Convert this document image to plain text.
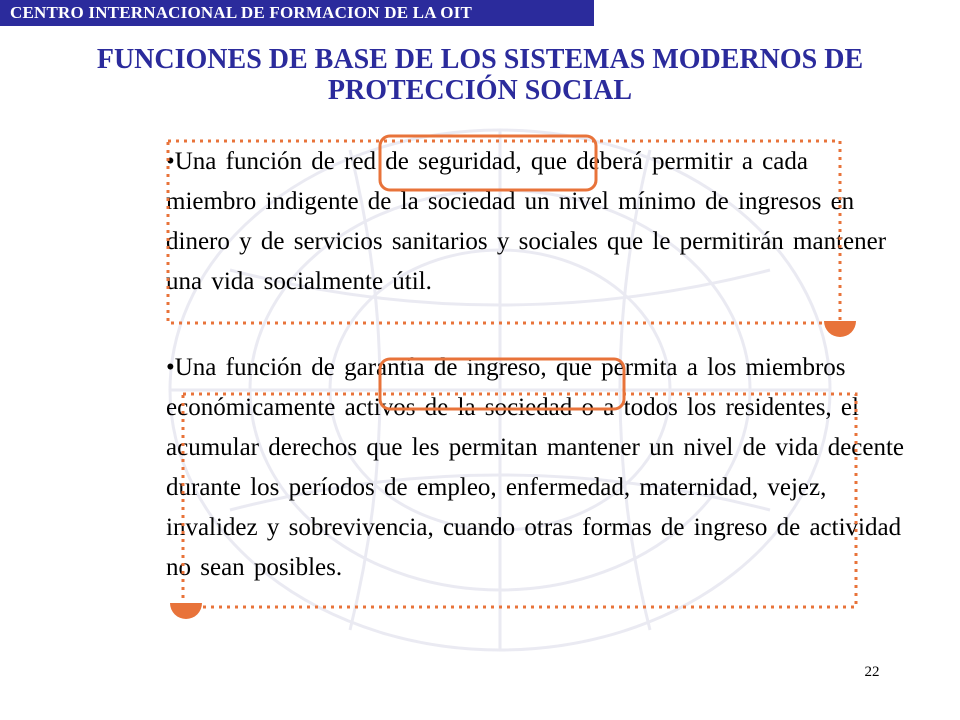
CENTRO INTERNACIONAL DE FORMACION DE LA OIT
FUNCIONES DE BASE DE LOS SISTEMAS MODERNOS DE
PROTECCIÓN SOCIAL

•Una función de red de seguridad, que deberá permitir a cada miembro indigente de la sociedad un nivel mínimo de ingresos en dinero y de servicios sanitarios y sociales que le permitirán mantener una vida socialmente útil.

•Una función de garantía de ingreso, que permita a los miembros económicamente activos de la sociedad o a todos los residentes, el acumular derechos que les permitan mantener un nivel de vida decente durante los períodos de empleo, enfermedad, maternidad, vejez, invalidez y sobrevivencia, cuando otras formas de ingreso de actividad no sean posibles.

22
